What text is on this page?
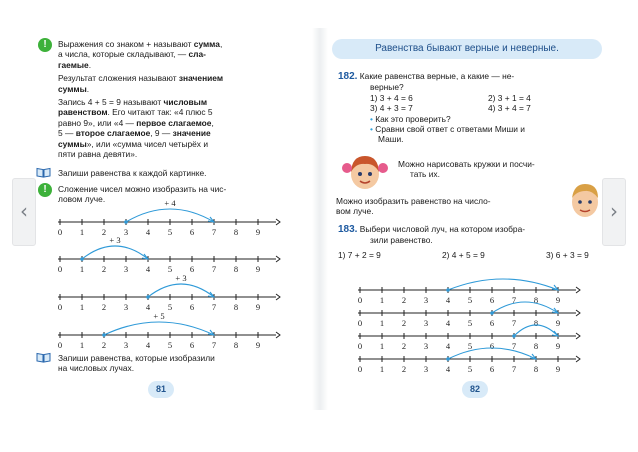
‹	›
!	Выражения со знаком + называют сумма,
а числа, которые складывают, — сла-
гаемые.
Результат сложения называют значением
суммы.
Запись 4 + 5 = 9 называют числовым
равенством. Его читают так: «4 плюс 5
равно 9», или «4 — первое слагаемое,
5 — второе слагаемое, 9 — значение
суммы», или «сумма чисел четырёх и
пяти равна девяти».
Запиши равенства к каждой картинке.
!	Сложение чисел можно изобразить на чис-
ловом луче.
0 1 2 3 4 5 6 7 8 9
+ 4
0 1 2 3 4 5 6 7 8 9
+ 3
0 1 2 3 4 5 6 7 8 9
+ 3
0 1 2 3 4 5 6 7 8 9
+ 5
Запиши равенства, которые изобразили
на числовых лучах.
81
Равенства бывают верные и неверные.
182. Какие равенства верные, а какие — не-
верные?
1) 3 + 4 = 6	2) 3 + 1 = 4
3) 4 + 3 = 7	4) 3 + 4 = 7
• Как это проверить?
• Сравни свой ответ с ответами Миши и
Маши.
Можно нарисовать кружки и посчи-
тать их.
Можно изобразить равенство на число-
вом луче.
183. Выбери числовой луч, на котором изобра-
зили равенство.
1) 7 + 2 = 9	2) 4 + 5 = 9	3) 6 + 3 = 9
0 1 2 3 4 5 6 7 8 9
0 1 2 3 4 5 6 7 8 9
0 1 2 3 4 5 6 7 8 9
0 1 2 3 4 5 6 7 8 9
82
